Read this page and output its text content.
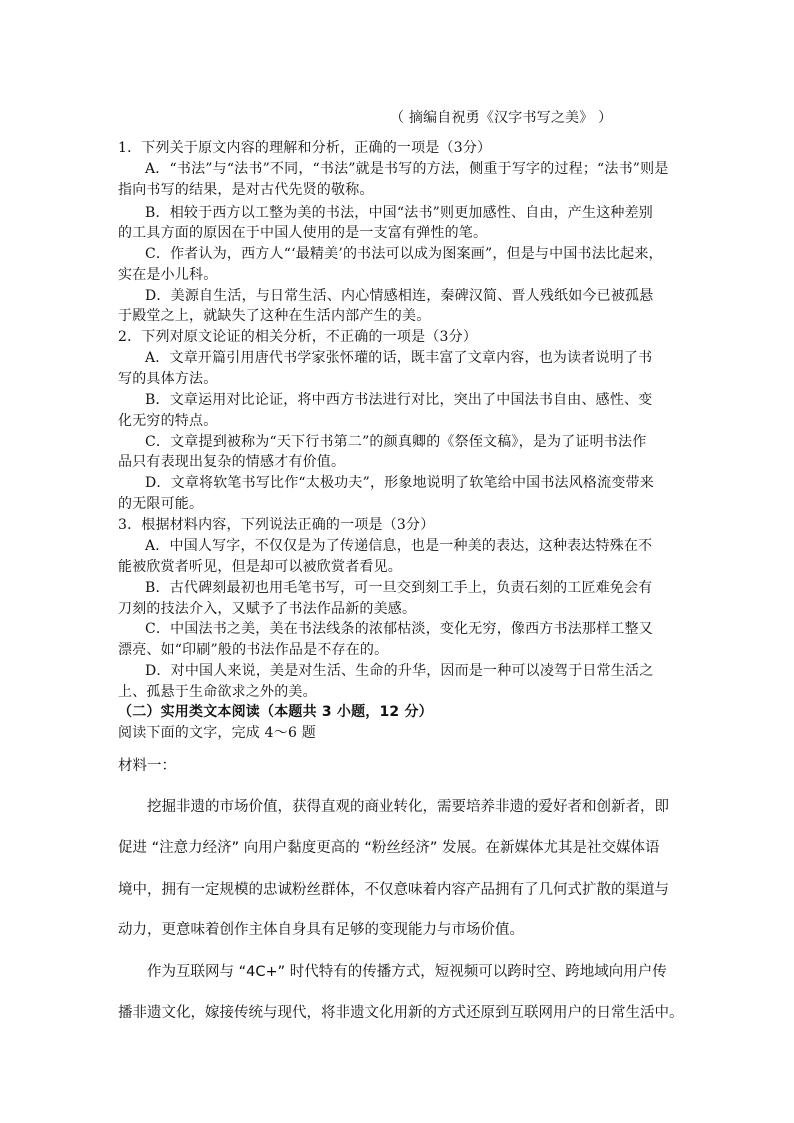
（ 摘编自祝勇《汉字书写之美》 ）
1．下列关于原文内容的理解和分析，正确的一项是（3分）
A．“书法”与“法书”不同，“书法”就是书写的方法，侧重于写字的过程；“法书”则是
指向书写的结果，是对古代先贤的敬称。
B．相较于西方以工整为美的书法，中国“法书”则更加感性、自由，产生这种差别
的工具方面的原因在于中国人使用的是一支富有弹性的笔。
C．作者认为，西方人“‘最精美’的书法可以成为图案画”，但是与中国书法比起来，
实在是小儿科。
D．美源自生活，与日常生活、内心情感相连，秦碑汉简、晋人残纸如今已被孤悬
于殿堂之上，就缺失了这种在生活内部产生的美。
2．下列对原文论证的相关分析，不正确的一项是（3分）
A．文章开篇引用唐代书学家张怀瓘的话，既丰富了文章内容，也为读者说明了书
写的具体方法。
B．文章运用对比论证，将中西方书法进行对比，突出了中国法书自由、感性、变
化无穷的特点。
C．文章提到被称为“天下行书第二”的颜真卿的《祭侄文稿》，是为了证明书法作
品只有表现出复杂的情感才有价值。
D．文章将软笔书写比作“太极功夫”，形象地说明了软笔给中国书法风格流变带来
的无限可能。
3．根据材料内容，下列说法正确的一项是（3分）
A．中国人写字，不仅仅是为了传递信息，也是一种美的表达，这种表达特殊在不
能被欣赏者听见，但是却可以被欣赏者看见。
B．古代碑刻最初也用毛笔书写，可一旦交到刻工手上，负责石刻的工匠难免会有
刀刻的技法介入，又赋予了书法作品新的美感。
C．中国法书之美，美在书法线条的浓郁枯淡，变化无穷，像西方书法那样工整又
漂亮、如“印刷”般的书法作品是不存在的。
D．对中国人来说，美是对生活、生命的升华，因而是一种可以凌驾于日常生活之
上、孤悬于生命欲求之外的美。
（二）实用类文本阅读（本题共 3 小题，12 分）
阅读下面的文字，完成 4～6 题
材料一：
挖掘非遗的市场价值，获得直观的商业转化，需要培养非遗的爱好者和创新者，即
促进 “注意力经济” 向用户黏度更高的 “粉丝经济” 发展。在新媒体尤其是社交媒体语
境中，拥有一定规模的忠诚粉丝群体，不仅意味着内容产品拥有了几何式扩散的渠道与
动力，更意味着创作主体自身具有足够的变现能力与市场价值。
作为互联网与 “4C+” 时代特有的传播方式，短视频可以跨时空、跨地域向用户传
播非遗文化，嫁接传统与现代，将非遗文化用新的方式还原到互联网用户的日常生活中。
